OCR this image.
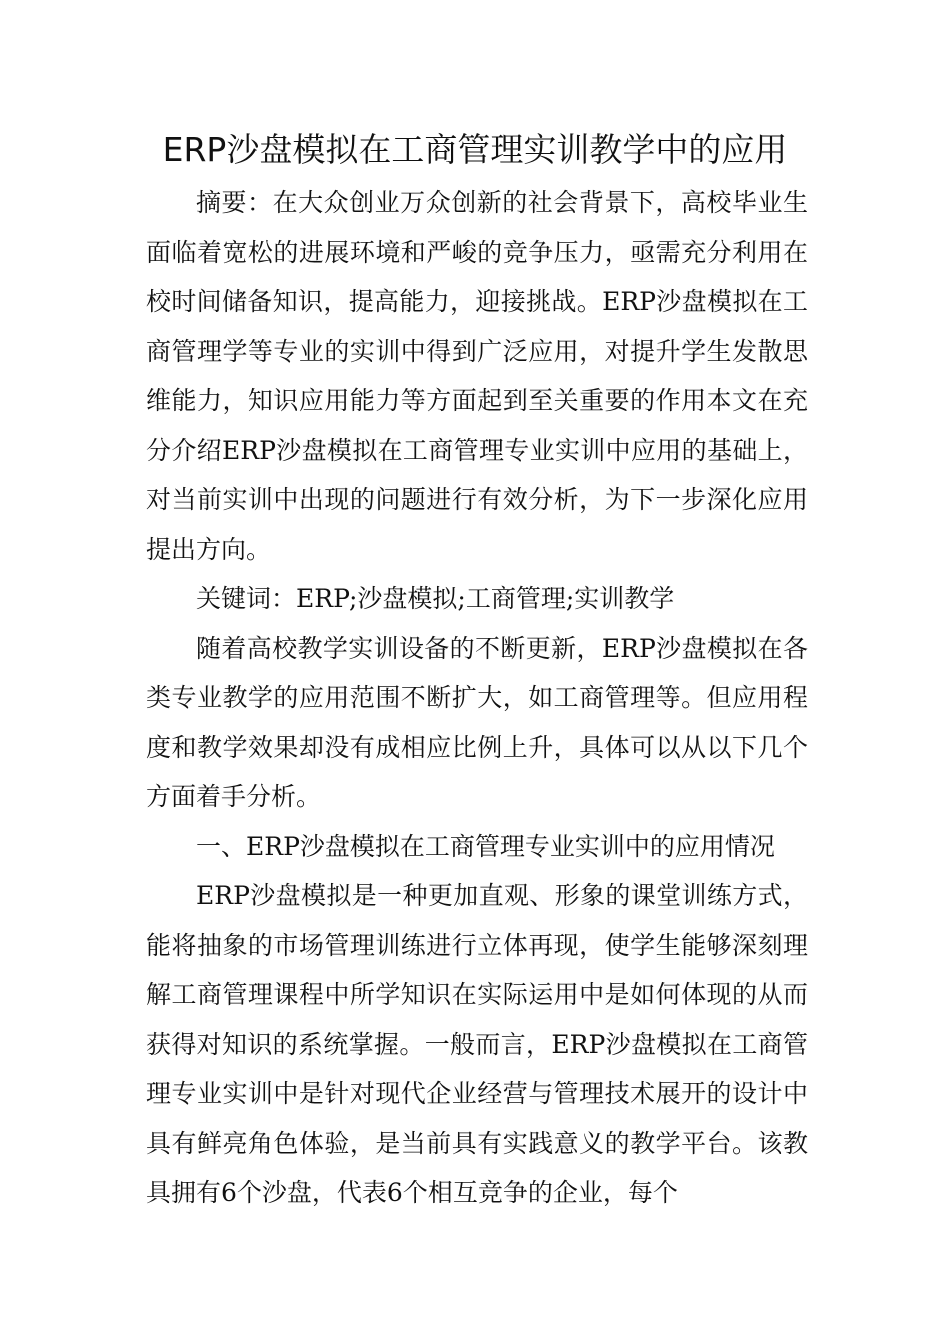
ERP沙盘模拟在工商管理实训教学中的应用

摘要：在大众创业万众创新的社会背景下，高校毕业生面临着宽松的进展环境和严峻的竞争压力，亟需充分利用在校时间储备知识，提高能力，迎接挑战。ERP沙盘模拟在工商管理学等专业的实训中得到广泛应用，对提升学生发散思维能力，知识应用能力等方面起到至关重要的作用本文在充分介绍ERP沙盘模拟在工商管理专业实训中应用的基础上，对当前实训中出现的问题进行有效分析，为下一步深化应用提出方向。

关键词：ERP;沙盘模拟;工商管理;实训教学

随着高校教学实训设备的不断更新，ERP沙盘模拟在各类专业教学的应用范围不断扩大，如工商管理等。但应用程度和教学效果却没有成相应比例上升，具体可以从以下几个方面着手分析。

一、ERP沙盘模拟在工商管理专业实训中的应用情况

ERP沙盘模拟是一种更加直观、形象的课堂训练方式，能将抽象的市场管理训练进行立体再现，使学生能够深刻理解工商管理课程中所学知识在实际运用中是如何体现的从而获得对知识的系统掌握。一般而言，ERP沙盘模拟在工商管理专业实训中是针对现代企业经营与管理技术展开的设计中具有鲜亮角色体验，是当前具有实践意义的教学平台。该教具拥有6个沙盘，代表6个相互竞争的企业，每个
